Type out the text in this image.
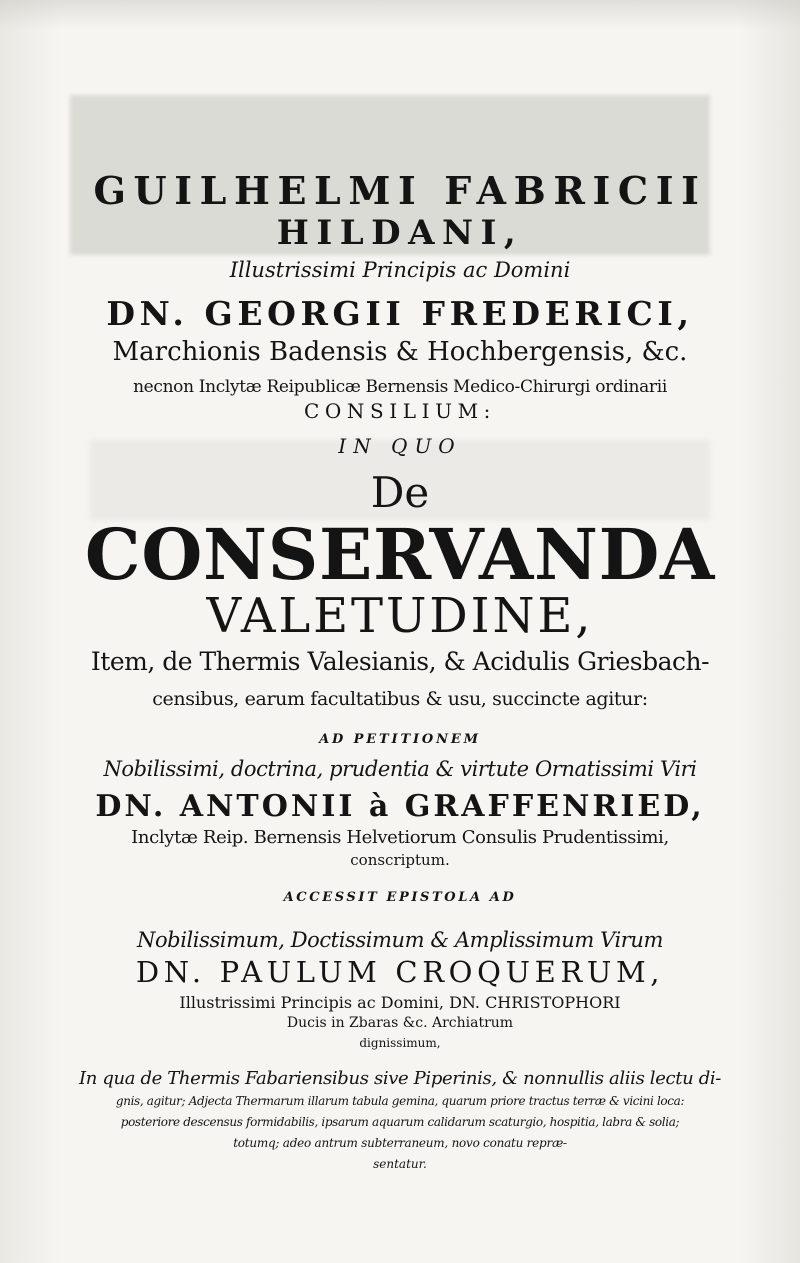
GUILHELMI FABRICII
HILDANI,
Illustrissimi Principis ac Domini
DN. GEORGII FREDERICI,
Marchionis Badensis & Hochbergensis, &c.
necnon Inclytæ Reipublicæ Bernensis Medico-Chirurgi ordinarii
CONSILIUM:
IN QUO
De
CONSERVANDA
VALETUDINE,
Item, de Thermis Valesianis, & Acidulis Griesbach-
censibus, earum facultatibus & usu, succincte agitur:
AD PETITIONEM
Nobilissimi, doctrina, prudentia & virtute Ornatissimi Viri
DN. ANTONII à GRAFFENRIED,
Inclytæ Reip. Bernensis Helvetiorum Consulis Prudentissimi,
conscriptum.
ACCESSIT EPISTOLA AD
Nobilissimum, Doctissimum & Amplissimum Virum
DN. PAULUM CROQUERUM,
Illustrissimi Principis ac Domini, DN. CHRISTOPHORI
Ducis in Zbaras &c. Archiatrum
dignissimum,
In qua de Thermis Fabariensibus sive Piperinis, & nonnullis aliis lectu di-
gnis, agitur; Adjecta Thermarum illarum tabula gemina, quarum priore tractus terræ & vicini loca:
posteriore descensus formidabilis, ipsarum aquarum calidarum scaturgio, hospitia, labra & solia;
totumq; adeo antrum subterraneum, novo conatu repræ-
sentatur.
